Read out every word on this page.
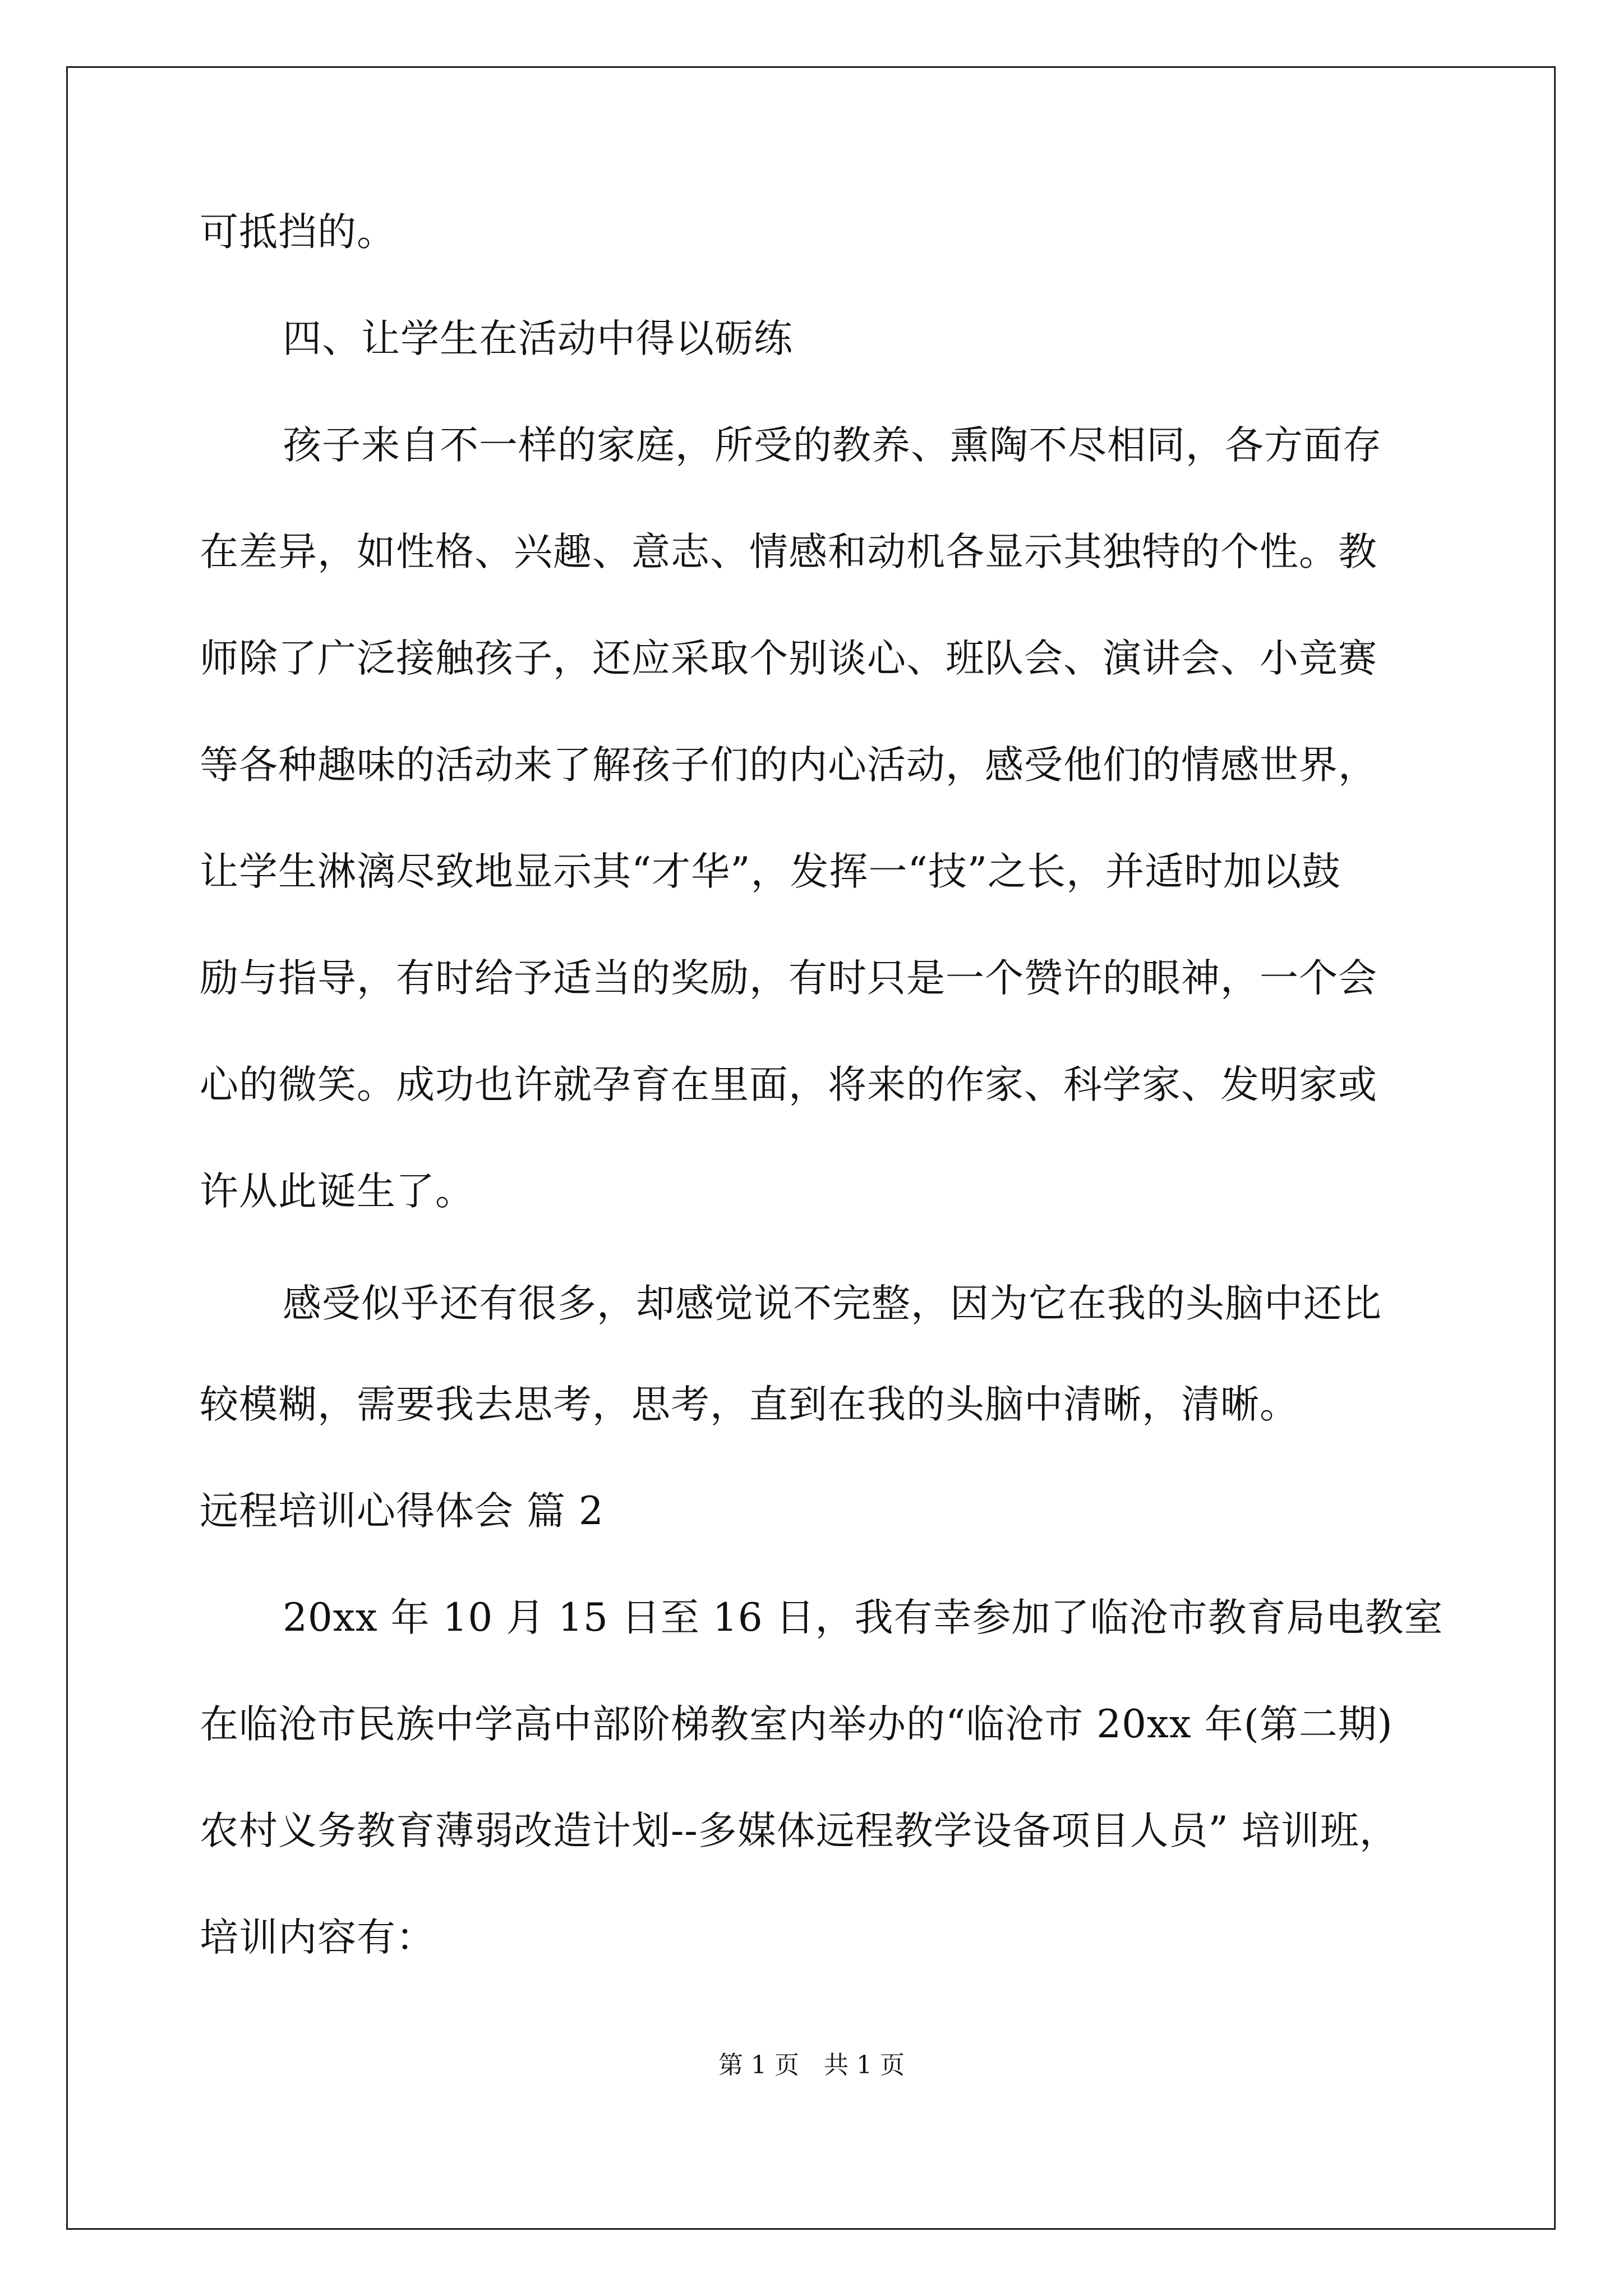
可抵挡的。
四、让学生在活动中得以砺练
孩子来自不一样的家庭，所受的教养、熏陶不尽相同，各方面存
在差异，如性格、兴趣、意志、情感和动机各显示其独特的个性。教
师除了广泛接触孩子，还应采取个别谈心、班队会、演讲会、小竞赛
等各种趣味的活动来了解孩子们的内心活动，感受他们的情感世界，
让学生淋漓尽致地显示其“才华”，发挥一“技”之长，并适时加以鼓
励与指导，有时给予适当的奖励，有时只是一个赞许的眼神，一个会
心的微笑。成功也许就孕育在里面，将来的作家、科学家、发明家或
许从此诞生了。
感受似乎还有很多，却感觉说不完整，因为它在我的头脑中还比
较模糊，需要我去思考，思考，直到在我的头脑中清晰，清晰。
远程培训心得体会 篇 2
20xx 年 10 月 15 日至 16 日，我有幸参加了临沧市教育局电教室
在临沧市民族中学高中部阶梯教室内举办的“临沧市 20xx 年(第二期)
农村义务教育薄弱改造计划--多媒体远程教学设备项目人员” 培训班，
培训内容有：
第 1 页　共 1 页
